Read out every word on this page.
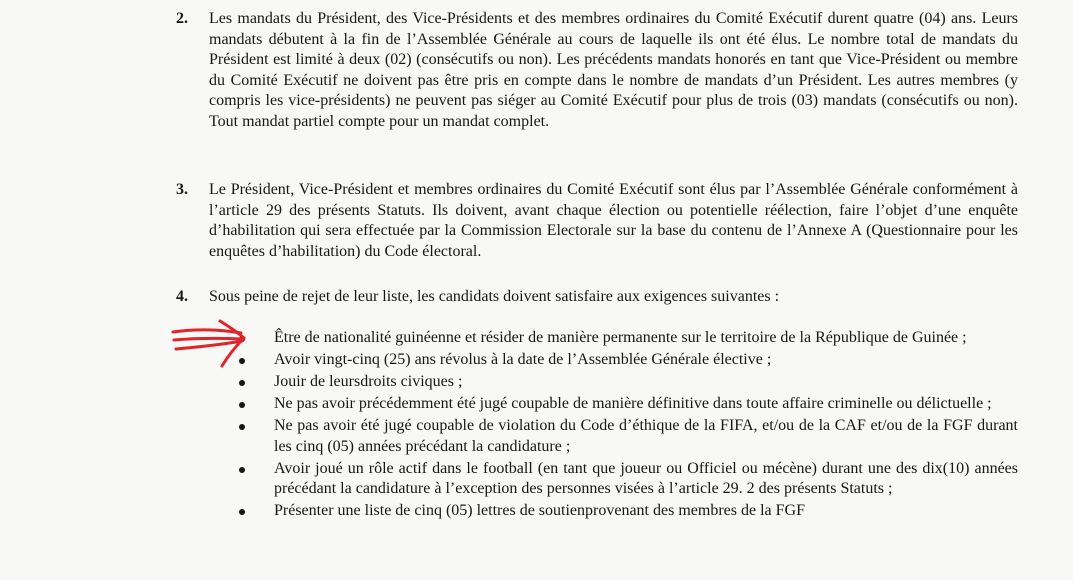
2. Les mandats du Président, des Vice-Présidents et des membres ordinaires du Comité Exécutif durent quatre (04) ans. Leurs mandats débutent à la fin de l’Assemblée Générale au cours de laquelle ils ont été élus. Le nombre total de mandats du Président est limité à deux (02) (consécutifs ou non). Les précédents mandats honorés en tant que Vice-Président ou membre du Comité Exécutif ne doivent pas être pris en compte dans le nombre de mandats d’un Président. Les autres membres (y compris les vice-présidents) ne peuvent pas siéger au Comité Exécutif pour plus de trois (03) mandats (consécutifs ou non). Tout mandat partiel compte pour un mandat complet.
3. Le Président, Vice-Président et membres ordinaires du Comité Exécutif sont élus par l’Assemblée Générale conformément à l’article 29 des présents Statuts. Ils doivent, avant chaque élection ou potentielle réélection, faire l’objet d’une enquête d’habilitation qui sera effectuée par la Commission Electorale sur la base du contenu de l’Annexe A (Questionnaire pour les enquêtes d’habilitation) du Code électoral.
4. Sous peine de rejet de leur liste, les candidats doivent satisfaire aux exigences suivantes :
Être de nationalité guinéenne et résider de manière permanente sur le territoire de la République de Guinée ;
Avoir vingt-cinq (25) ans révolus à la date de l’Assemblée Générale élective ;
Jouir de leursdroits civiques ;
Ne pas avoir précédemment été jugé coupable de manière définitive dans toute affaire criminelle ou délictuelle ;
Ne pas avoir été jugé coupable de violation du Code d’éthique de la FIFA, et/ou de la CAF et/ou de la FGF durant les cinq (05) années précédant la candidature ;
Avoir joué un rôle actif dans le football (en tant que joueur ou Officiel ou mécène) durant une des dix(10) années précédant la candidature à l’exception des personnes visées à l’article 29. 2 des présents Statuts ;
Présenter une liste de cinq (05) lettres de soutienprovenant des membres de la FGF
